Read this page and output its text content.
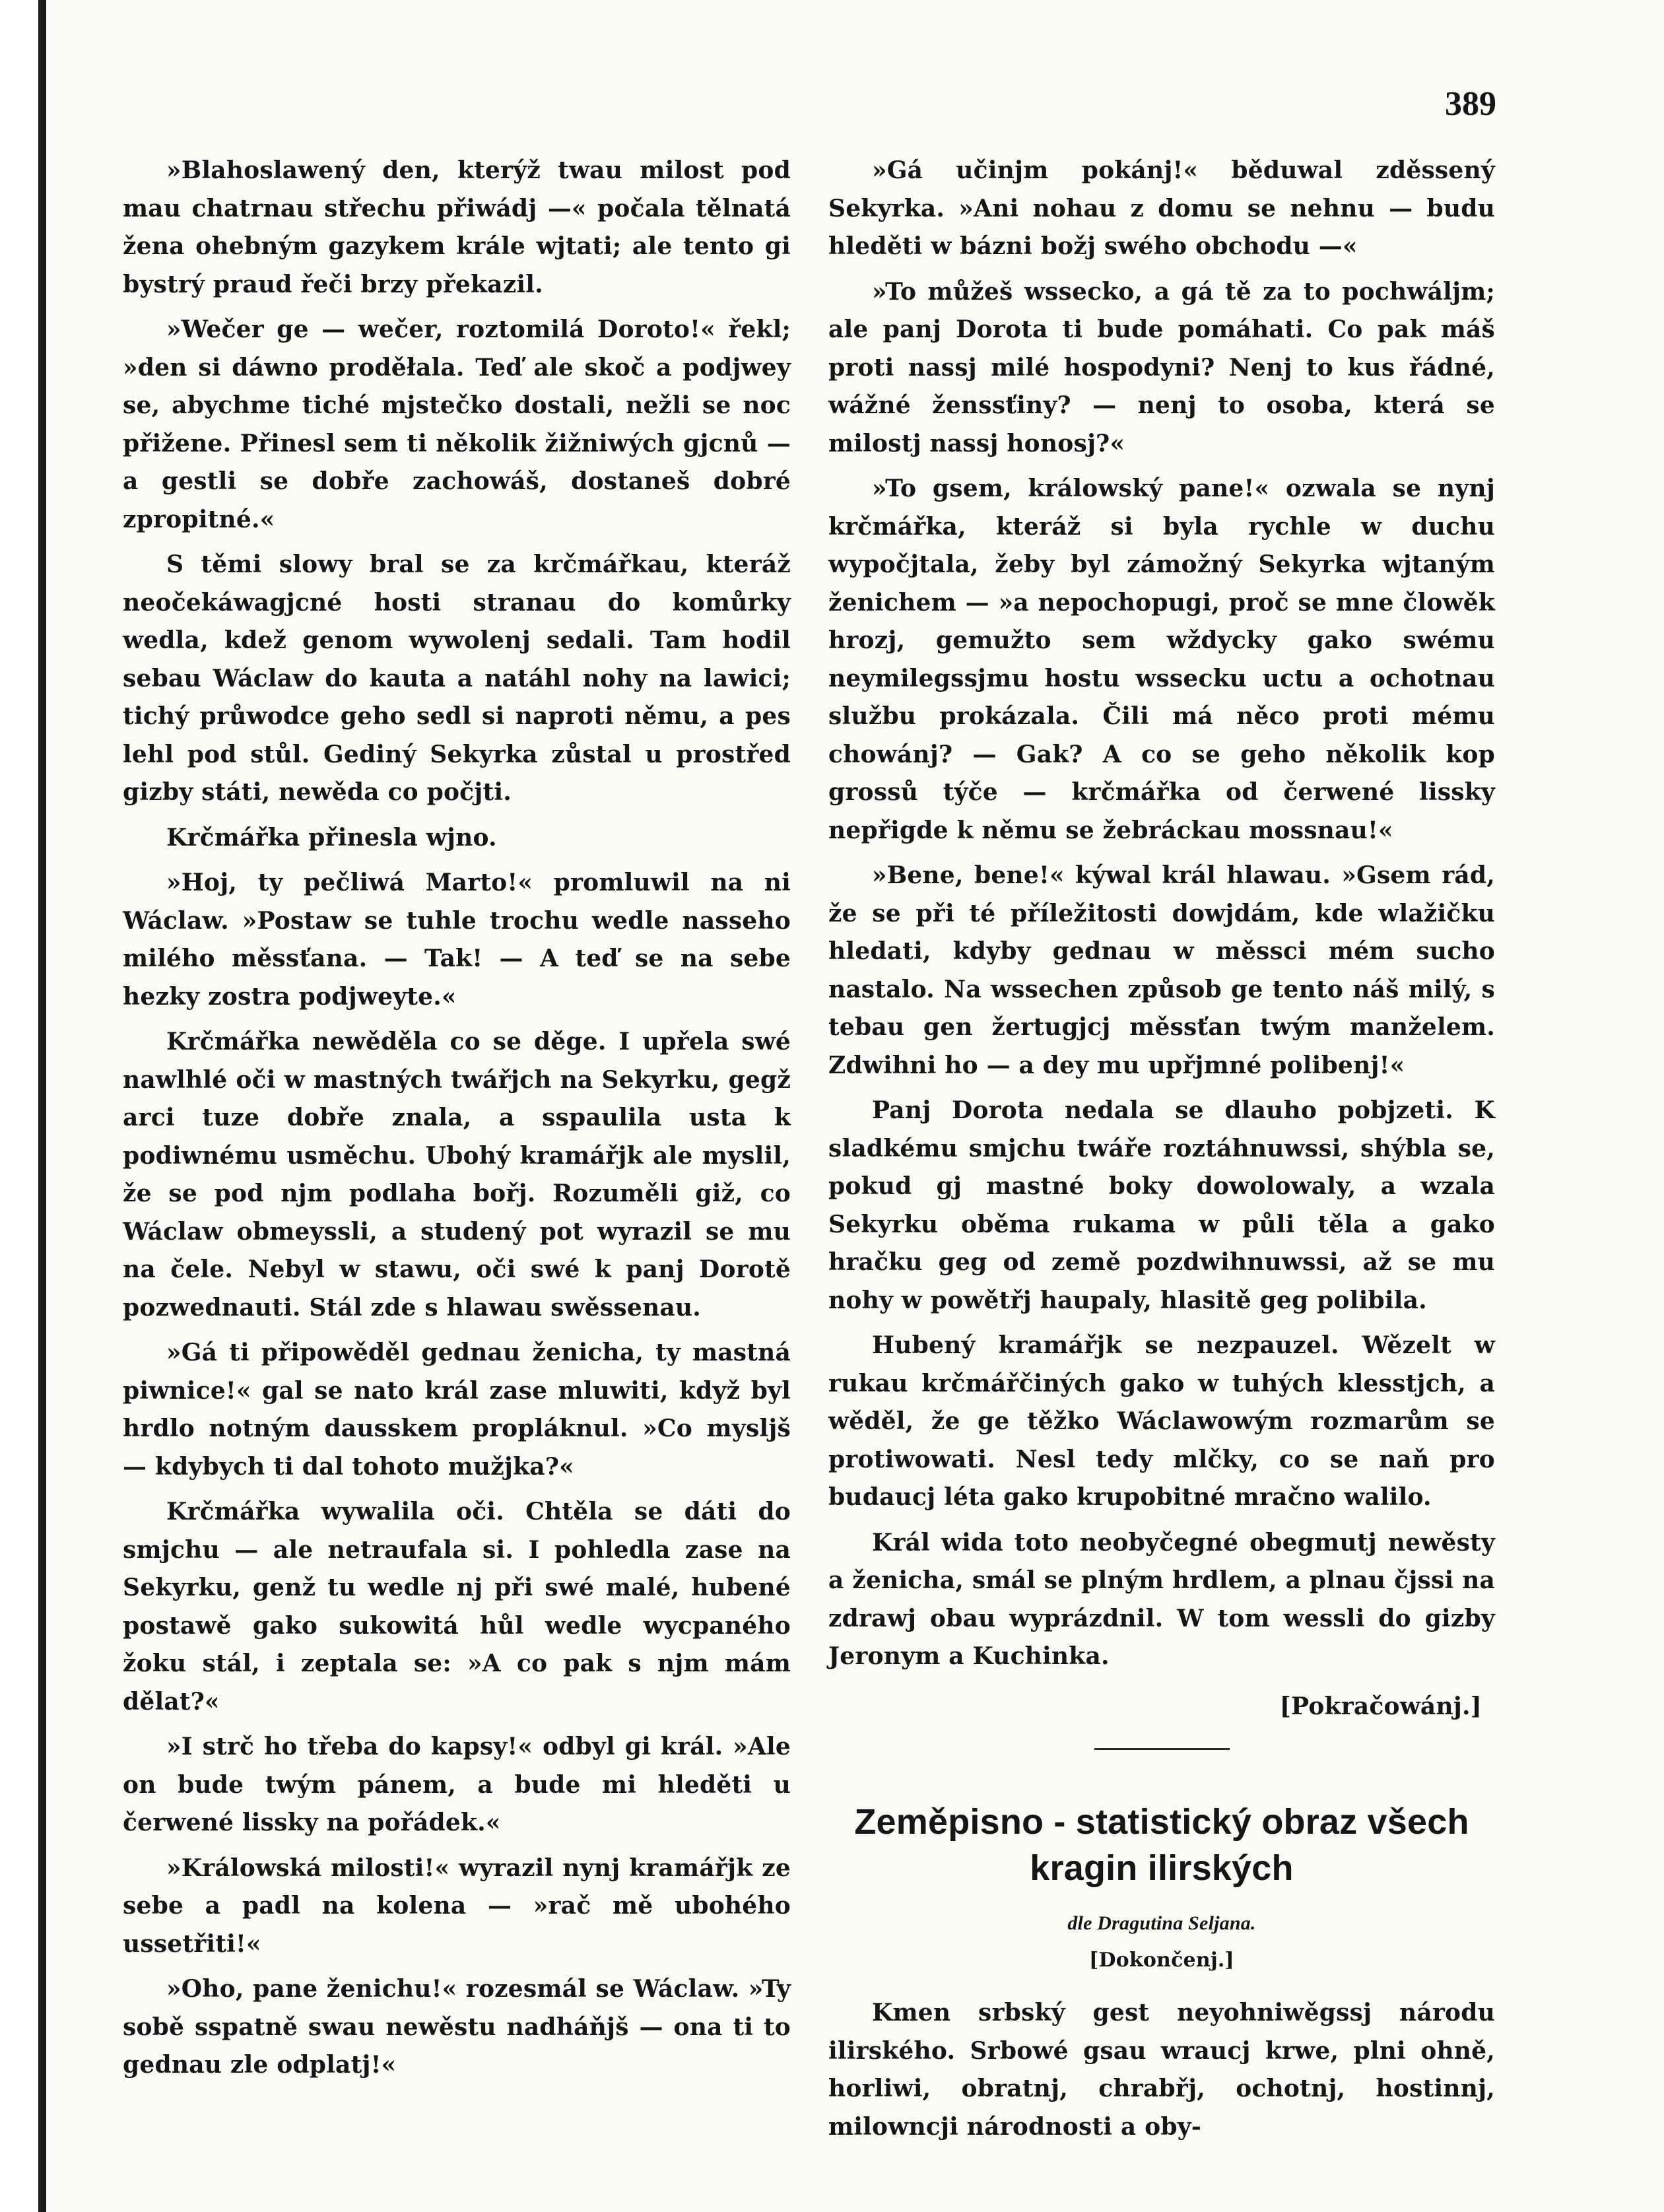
389

»Blahoslawený den, kterýž twau milost pod mau chatrnau střechu přiwádj —« počala tělnatá žena ohebným gazykem krále wjtati; ale tento gi bystrý praud řeči brzy překazil.

»Wečer ge — wečer, roztomilá Doroto!« řekl; »den si dáwno proděłala. Teď ale skoč a podjwey se, abychme tiché mjstečko dostali, nežli se noc přižene. Přinesl sem ti několik žižniwých gjcnů — a gestli se dobře zachowáš, dostaneš dobré zpropitné.«

S těmi slowy bral se za krčmářkau, kteráž neočekáwagjcné hosti stranau do komůrky wedla, kdež genom wywolenj sedali. Tam hodil sebau Wáclaw do kauta a natáhl nohy na lawici; tichý průwodce geho sedl si naproti němu, a pes lehl pod stůl. Gediný Sekyrka zůstal u prostřed gizby státi, newěda co počjti.

Krčmářka přinesla wjno.

»Hoj, ty pečliwá Marto!« promluwil na ni Wáclaw. »Postaw se tuhle trochu wedle nasseho milého měssťana. — Tak! — A teď se na sebe hezky zostra podjweyte.«

Krčmářka newěděla co se děge. I upřela swé nawlhlé oči w mastných twářjch na Sekyrku, gegž arci tuze dobře znala, a sspaulila usta k podiwnému usměchu. Ubohý kramářjk ale myslil, že se pod njm podlaha bořj. Rozuměli giž, co Wáclaw obmeyssli, a studený pot wyrazil se mu na čele. Nebyl w stawu, oči swé k panj Dorotě pozwednauti. Stál zde s hlawau swěssenau.

»Gá ti připowěděl gednau ženicha, ty mastná piwnice!« gal se nato král zase mluwiti, když byl hrdlo notným dausskem propláknul. »Co myslјš — kdybych ti dal tohoto mužjka?«

Krčmářka wywalila oči. Chtěla se dáti do smjchu — ale netraufala si. I pohledla zase na Sekyrku, genž tu wedle nj při swé malé, hubené postawě gako sukowitá hůl wedle wycpaného žoku stál, i zeptala se: »A co pak s njm mám dělat?«

»I strč ho třeba do kapsy!« odbyl gi král. »Ale on bude twým pánem, a bude mi hleděti u čerwené lissky na pořádek.«

»Králowská milosti!« wyrazil nynj kramářjk ze sebe a padl na kolena — »rač mě ubohého ussetřiti!«

»Oho, pane ženichu!« rozesmál se Wáclaw. »Ty sobě sspatně swau newěstu nadháňjš — ona ti to gednau zle odplatj!«

»Gá učinjm pokánj!« běduwal zděssený Sekyrka. »Ani nohau z domu se nehnu — budu hleděti w bázni božj swého obchodu —«

»To můžeš wssecko, a gá tě za to pochwáljm; ale panj Dorota ti bude pomáhati. Co pak máš proti nassj milé hospodyni? Nenj to kus řádné, wážné ženssťiny? — nenj to osoba, která se milostj nassj honosj?«

»To gsem, králowský pane!« ozwala se nynj krčmářka, kteráž si byla rychle w duchu wypočjtala, žeby byl zámožný Sekyrka wjtaným ženichem — »a nepochopugi, proč se mne člowěk hrozj, gemužto sem wždycky gako swému neymilegssjmu hostu wssecku uctu a ochotnau službu prokázala. Čili má něco proti mému chowánj? — Gak? A co se geho několik kop grossů týče — krčmářka od čerwené lissky nepřigde k němu se žebráckau mossnau!«

»Bene, bene!« kýwal král hlawau. »Gsem rád, že se při té příležitosti dowjdám, kde wlažičku hledati, kdyby gednau w měssci mém sucho nastalo. Na wssechen způsob ge tento náš milý, s tebau gen žertugjcj měssťan twým manželem. Zdwihni ho — a dey mu upřjmné polibenj!«

Panj Dorota nedala se dlauho pobjzeti. K sladkému smjchu twáře roztáhnuwssi, shýbla se, pokud gj mastné boky dowolowaly, a wzala Sekyrku oběma rukama w půli těla a gako hračku geg od země pozdwihnuwssi, až se mu nohy w powětřj haupaly, hlasitě geg polibila.

Hubený kramářjk se nezpauzel. Wězelt w rukau krčmářčiných gako w tuhých klesstjch, a wěděl, že ge těžko Wáclawowým rozmarům se protiwowati. Nesl tedy mlčky, co se naň pro budaucj léta gako krupobitné mračno walilo.

Král wida toto neobyčegné obegmutj newěsty a ženicha, smál se plným hrdlem, a plnau čjssi na zdrawj obau wyprázdnil. W tom wessli do gizby Jeronym a Kuchinka.

[Pokračowánj.]

Zeměpisno - statistický obraz všech
kragin ilirských
dle Dragutina Seljana.
[Dokončenj.]

Kmen srbský gest neyohniwěgssj národu ilirského. Srbowé gsau wraucj krwe, plni ohně, horliwi, obratnj, chrabřj, ochotnj, hostinnj, milowncji národnosti a oby-
